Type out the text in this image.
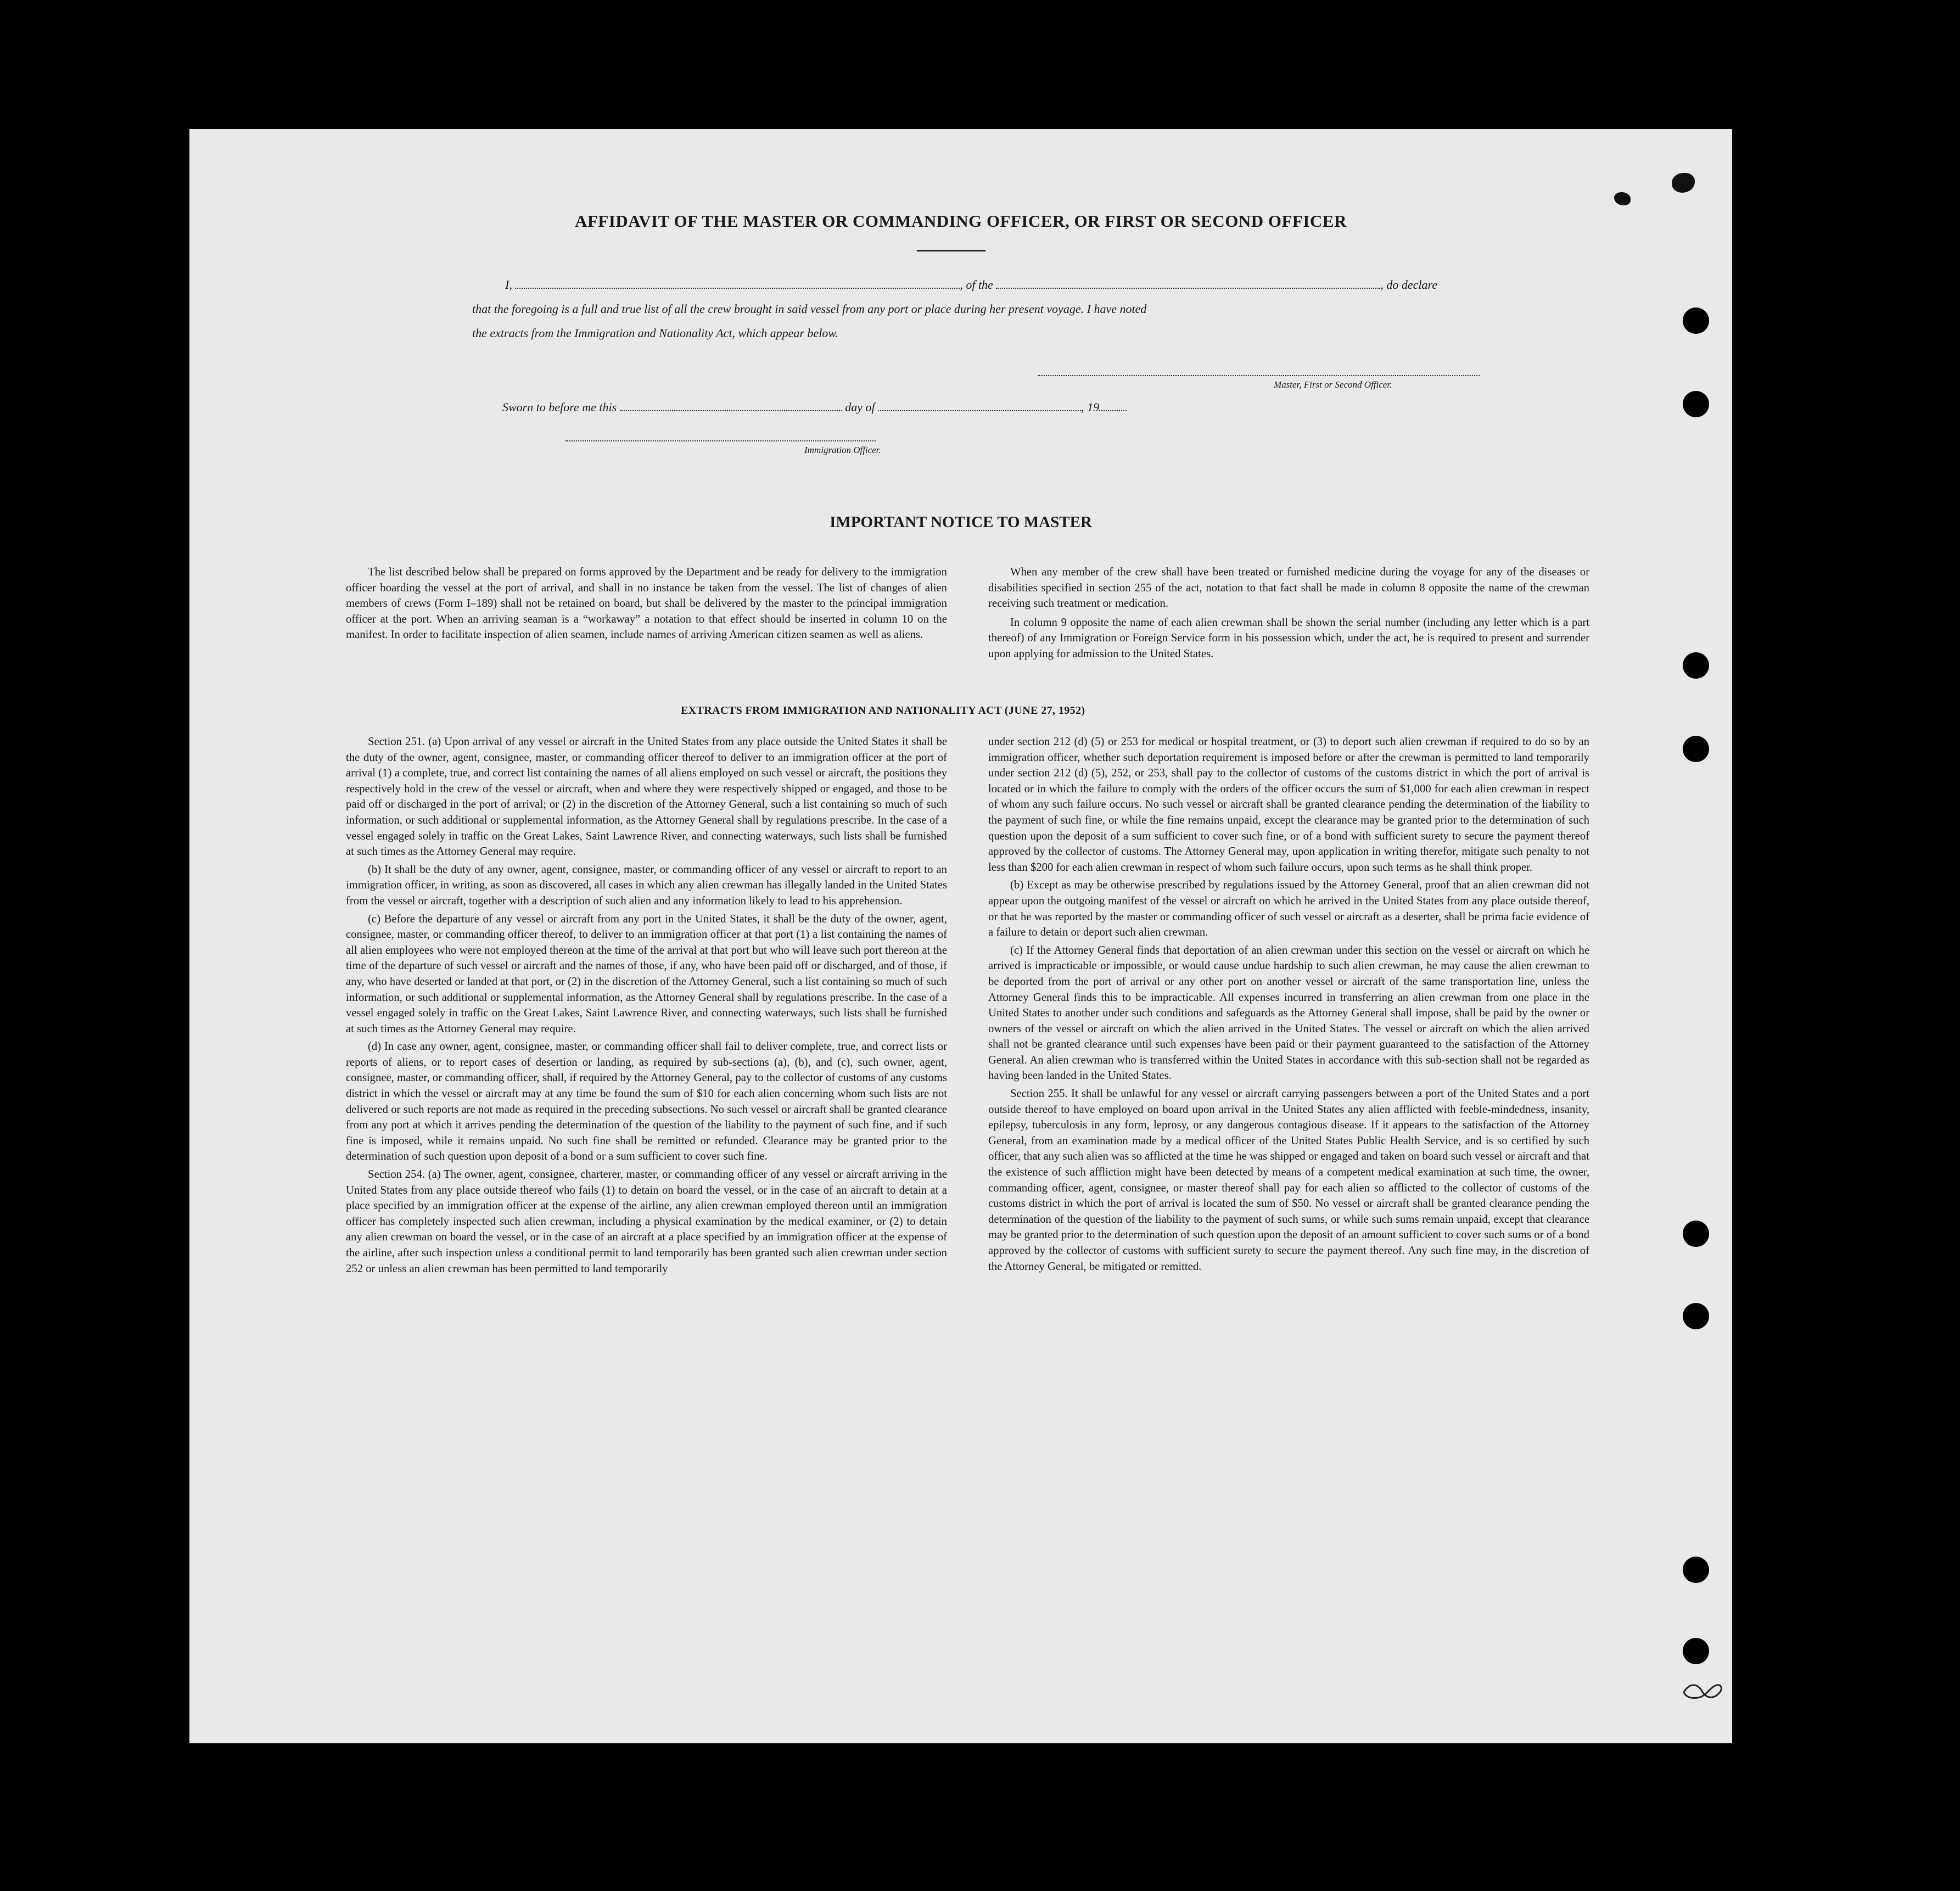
AFFIDAVIT OF THE MASTER OR COMMANDING OFFICER, OR FIRST OR SECOND OFFICER
I,	, of the	, do declare
that the foregoing is a full and true list of all the crew brought in said vessel from any port or place during her present voyage. I have noted
the extracts from the Immigration and Nationality Act, which appear below.
Master, First or Second Officer.
Sworn to before me this	day of	, 19
Immigration Officer.
IMPORTANT NOTICE TO MASTER

The list described below shall be prepared on forms approved by the Department and be ready for delivery to the immigration officer boarding the vessel at the port of arrival, and shall in no instance be taken from the vessel. The list of changes of alien members of crews (Form I–189) shall not be retained on board, but shall be delivered by the master to the principal immigration officer at the port. When an arriving seaman is a “workaway” a notation to that effect should be inserted in column 10 on the manifest. In order to facilitate inspection of alien seamen, include names of arriving American citizen seamen as well as aliens.

When any member of the crew shall have been treated or furnished medicine during the voyage for any of the diseases or disabilities specified in section 255 of the act, notation to that fact shall be made in column 8 opposite the name of the crewman receiving such treatment or medication.

In column 9 opposite the name of each alien crewman shall be shown the serial number (including any letter which is a part thereof) of any Immigration or Foreign Service form in his possession which, under the act, he is required to present and surrender upon applying for admission to the United States.

EXTRACTS FROM IMMIGRATION AND NATIONALITY ACT (JUNE 27, 1952)

Section 251. (a) Upon arrival of any vessel or aircraft in the United States from any place outside the United States it shall be the duty of the owner, agent, consignee, master, or commanding officer thereof to deliver to an immigration officer at the port of arrival (1) a complete, true, and correct list containing the names of all aliens employed on such vessel or aircraft, the positions they respectively hold in the crew of the vessel or aircraft, when and where they were respectively shipped or engaged, and those to be paid off or discharged in the port of arrival; or (2) in the discretion of the Attorney General, such a list containing so much of such information, or such additional or supplemental information, as the Attorney General shall by regulations prescribe. In the case of a vessel engaged solely in traffic on the Great Lakes, Saint Lawrence River, and connecting waterways, such lists shall be furnished at such times as the Attorney General may require.

(b) It shall be the duty of any owner, agent, consignee, master, or commanding officer of any vessel or aircraft to report to an immigration officer, in writing, as soon as discovered, all cases in which any alien crewman has illegally landed in the United States from the vessel or aircraft, together with a description of such alien and any information likely to lead to his apprehension.

(c) Before the departure of any vessel or aircraft from any port in the United States, it shall be the duty of the owner, agent, consignee, master, or commanding officer thereof, to deliver to an immigration officer at that port (1) a list containing the names of all alien employees who were not employed thereon at the time of the arrival at that port but who will leave such port thereon at the time of the departure of such vessel or aircraft and the names of those, if any, who have been paid off or discharged, and of those, if any, who have deserted or landed at that port, or (2) in the discretion of the Attorney General, such a list containing so much of such information, or such additional or supplemental information, as the Attorney General shall by regulations prescribe. In the case of a vessel engaged solely in traffic on the Great Lakes, Saint Lawrence River, and connecting waterways, such lists shall be furnished at such times as the Attorney General may require.

(d) In case any owner, agent, consignee, master, or commanding officer shall fail to deliver complete, true, and correct lists or reports of aliens, or to report cases of desertion or landing, as required by sub-sections (a), (b), and (c), such owner, agent, consignee, master, or commanding officer, shall, if required by the Attorney General, pay to the collector of customs of any customs district in which the vessel or aircraft may at any time be found the sum of $10 for each alien concerning whom such lists are not delivered or such reports are not made as required in the preceding subsections. No such vessel or aircraft shall be granted clearance from any port at which it arrives pending the determination of the question of the liability to the payment of such fine, and if such fine is imposed, while it remains unpaid. No such fine shall be remitted or refunded. Clearance may be granted prior to the determination of such question upon deposit of a bond or a sum sufficient to cover such fine.

Section 254. (a) The owner, agent, consignee, charterer, master, or commanding officer of any vessel or aircraft arriving in the United States from any place outside thereof who fails (1) to detain on board the vessel, or in the case of an aircraft to detain at a place specified by an immigration officer at the expense of the airline, any alien crewman employed thereon until an immigration officer has completely inspected such alien crewman, including a physical examination by the medical examiner, or (2) to detain any alien crewman on board the vessel, or in the case of an aircraft at a place specified by an immigration officer at the expense of the airline, after such inspection unless a conditional permit to land temporarily has been granted such alien crewman under section 252 or unless an alien crewman has been permitted to land temporarily

under section 212 (d) (5) or 253 for medical or hospital treatment, or (3) to deport such alien crewman if required to do so by an immigration officer, whether such deportation requirement is imposed before or after the crewman is permitted to land temporarily under section 212 (d) (5), 252, or 253, shall pay to the collector of customs of the customs district in which the port of arrival is located or in which the failure to comply with the orders of the officer occurs the sum of $1,000 for each alien crewman in respect of whom any such failure occurs. No such vessel or aircraft shall be granted clearance pending the determination of the liability to the payment of such fine, or while the fine remains unpaid, except the clearance may be granted prior to the determination of such question upon the deposit of a sum sufficient to cover such fine, or of a bond with sufficient surety to secure the payment thereof approved by the collector of customs. The Attorney General may, upon application in writing therefor, mitigate such penalty to not less than $200 for each alien crewman in respect of whom such failure occurs, upon such terms as he shall think proper.

(b) Except as may be otherwise prescribed by regulations issued by the Attorney General, proof that an alien crewman did not appear upon the outgoing manifest of the vessel or aircraft on which he arrived in the United States from any place outside thereof, or that he was reported by the master or commanding officer of such vessel or aircraft as a deserter, shall be prima facie evidence of a failure to detain or deport such alien crewman.

(c) If the Attorney General finds that deportation of an alien crewman under this section on the vessel or aircraft on which he arrived is impracticable or impossible, or would cause undue hardship to such alien crewman, he may cause the alien crewman to be deported from the port of arrival or any other port on another vessel or aircraft of the same transportation line, unless the Attorney General finds this to be impracticable. All expenses incurred in transferring an alien crewman from one place in the United States to another under such conditions and safeguards as the Attorney General shall impose, shall be paid by the owner or owners of the vessel or aircraft on which the alien arrived in the United States. The vessel or aircraft on which the alien arrived shall not be granted clearance until such expenses have been paid or their payment guaranteed to the satisfaction of the Attorney General. An alien crewman who is transferred within the United States in accordance with this sub-section shall not be regarded as having been landed in the United States.

Section 255. It shall be unlawful for any vessel or aircraft carrying passengers between a port of the United States and a port outside thereof to have employed on board upon arrival in the United States any alien afflicted with feeble-mindedness, insanity, epilepsy, tuberculosis in any form, leprosy, or any dangerous contagious disease. If it appears to the satisfaction of the Attorney General, from an examination made by a medical officer of the United States Public Health Service, and is so certified by such officer, that any such alien was so afflicted at the time he was shipped or engaged and taken on board such vessel or aircraft and that the existence of such affliction might have been detected by means of a competent medical examination at such time, the owner, commanding officer, agent, consignee, or master thereof shall pay for each alien so afflicted to the collector of customs of the customs district in which the port of arrival is located the sum of $50. No vessel or aircraft shall be granted clearance pending the determination of the question of the liability to the payment of such sums, or while such sums remain unpaid, except that clearance may be granted prior to the determination of such question upon the deposit of an amount sufficient to cover such sums or of a bond approved by the collector of customs with sufficient surety to secure the payment thereof. Any such fine may, in the discretion of the Attorney General, be mitigated or remitted.
